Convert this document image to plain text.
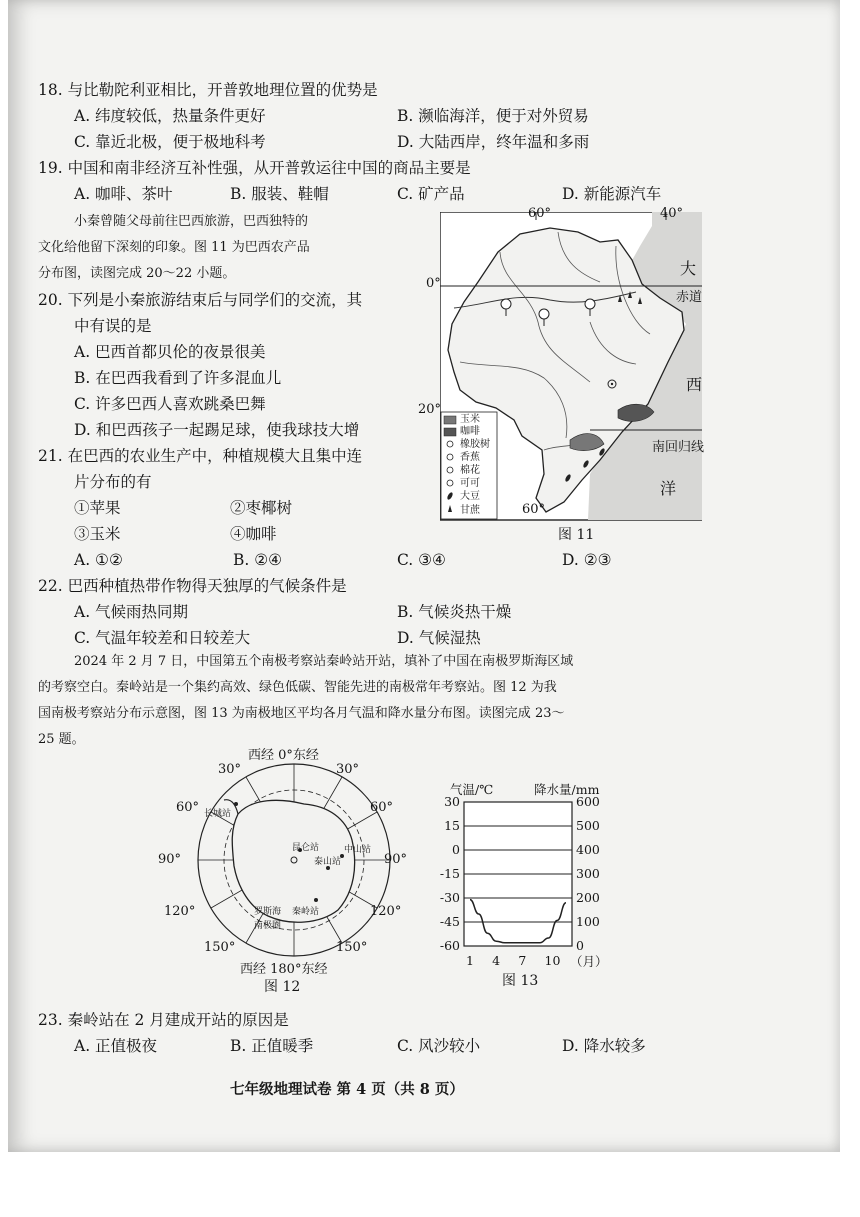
18. 与比勒陀利亚相比，开普敦地理位置的优势是
A. 纬度较低，热量条件更好	B. 濒临海洋，便于对外贸易
C. 靠近北极，便于极地科考	D. 大陆西岸，终年温和多雨
19. 中国和南非经济互补性强，从开普敦运往中国的商品主要是
A. 咖啡、茶叶	B. 服装、鞋帽	C. 矿产品	D. 新能源汽车
小秦曾随父母前往巴西旅游，巴西独特的
文化给他留下深刻的印象。图 11 为巴西农产品
分布图，读图完成 20～22 小题。
20. 下列是小秦旅游结束后与同学们的交流，其
中有误的是
A. 巴西首都贝伦的夜景很美
B. 在巴西我看到了许多混血儿
C. 许多巴西人喜欢跳桑巴舞
D. 和巴西孩子一起踢足球，使我球技大增
21. 在巴西的农业生产中，种植规模大且集中连
片分布的有
①苹果	②枣椰树
③玉米	④咖啡
A. ①②	B. ②④	C. ③④	D. ②③
22. 巴西种植热带作物得天独厚的气候条件是
A. 气候雨热同期	B. 气候炎热干燥
C. 气温年较差和日较差大	D. 气候湿热
2024 年 2 月 7 日，中国第五个南极考察站秦岭站开站，填补了中国在南极罗斯海区域
的考察空白。秦岭站是一个集约高效、绿色低碳、智能先进的南极常年考察站。图 12 为我
国南极考察站分布示意图，图 13 为南极地区平均各月气温和降水量分布图。读图完成 23～
25 题。
23. 秦岭站在 2 月建成开站的原因是
A. 正值极夜	B. 正值暖季	C. 风沙较小	D. 降水较多
七年级地理试卷 第 4 页（共 8 页）
60°	40°
60°
0°
20°
赤道
南回归线
大
西
洋
玉米
咖啡
橡胶树
香蕉
棉花
可可
大豆
甘蔗
图 11
西经 0°东经
30°	30°
60°	60°
90°	90°
120°	120°
150°	150°
西经 180°东经
长城站
昆仑站	中山站
泰山站
秦岭站
罗斯海
南极圈
图 12
气温/℃	降水量/mm
30
15
0
-15
-30
-45
-60
600
500
400
300
200
100
0
1 4 7 10 （月）
图 13
